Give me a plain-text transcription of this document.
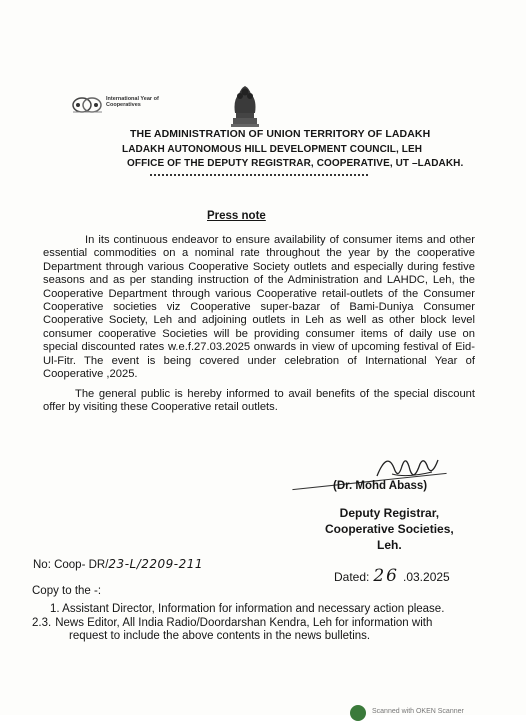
International Year of Cooperatives
THE ADMINISTRATION OF UNION TERRITORY OF LADAKH
LADAKH AUTONOMOUS HILL DEVELOPMENT COUNCIL, LEH
OFFICE OF THE DEPUTY REGISTRAR, COOPERATIVE, UT –LADAKH.
Press note
In its continuous endeavor to ensure availability of consumer items and other essential commodities on a nominal rate throughout the year by the cooperative Department through various Cooperative Society outlets and especially during festive seasons and as per standing instruction of the Administration and LAHDC, Leh, the Cooperative Department through various Cooperative retail-outlets of the Consumer Cooperative societies viz Cooperative super-bazar of Bami-Duniya Consumer Cooperative Society, Leh and adjoining outlets in Leh as well as other block level consumer cooperative Societies will be providing consumer items of daily use on special discounted rates w.e.f.27.03.2025 onwards in view of upcoming festival of Eid-Ul-Fitr. The event is being covered under celebration of International Year of Cooperative ,2025.
The general public is hereby informed to avail benefits of the special discount offer by visiting these Cooperative retail outlets.
(Dr. Mohd Abass)
Deputy Registrar,
Cooperative Societies,
Leh.
No: Coop- DR/23-L/2209-211
Dated: 26 .03.2025
Copy to the -:
1. Assistant Director, Information for information and necessary action please.
2.3. News Editor, All India Radio/Doordarshan Kendra, Leh for information with
request to include the above contents in the news bulletins.
Scanned with OKEN Scanner
